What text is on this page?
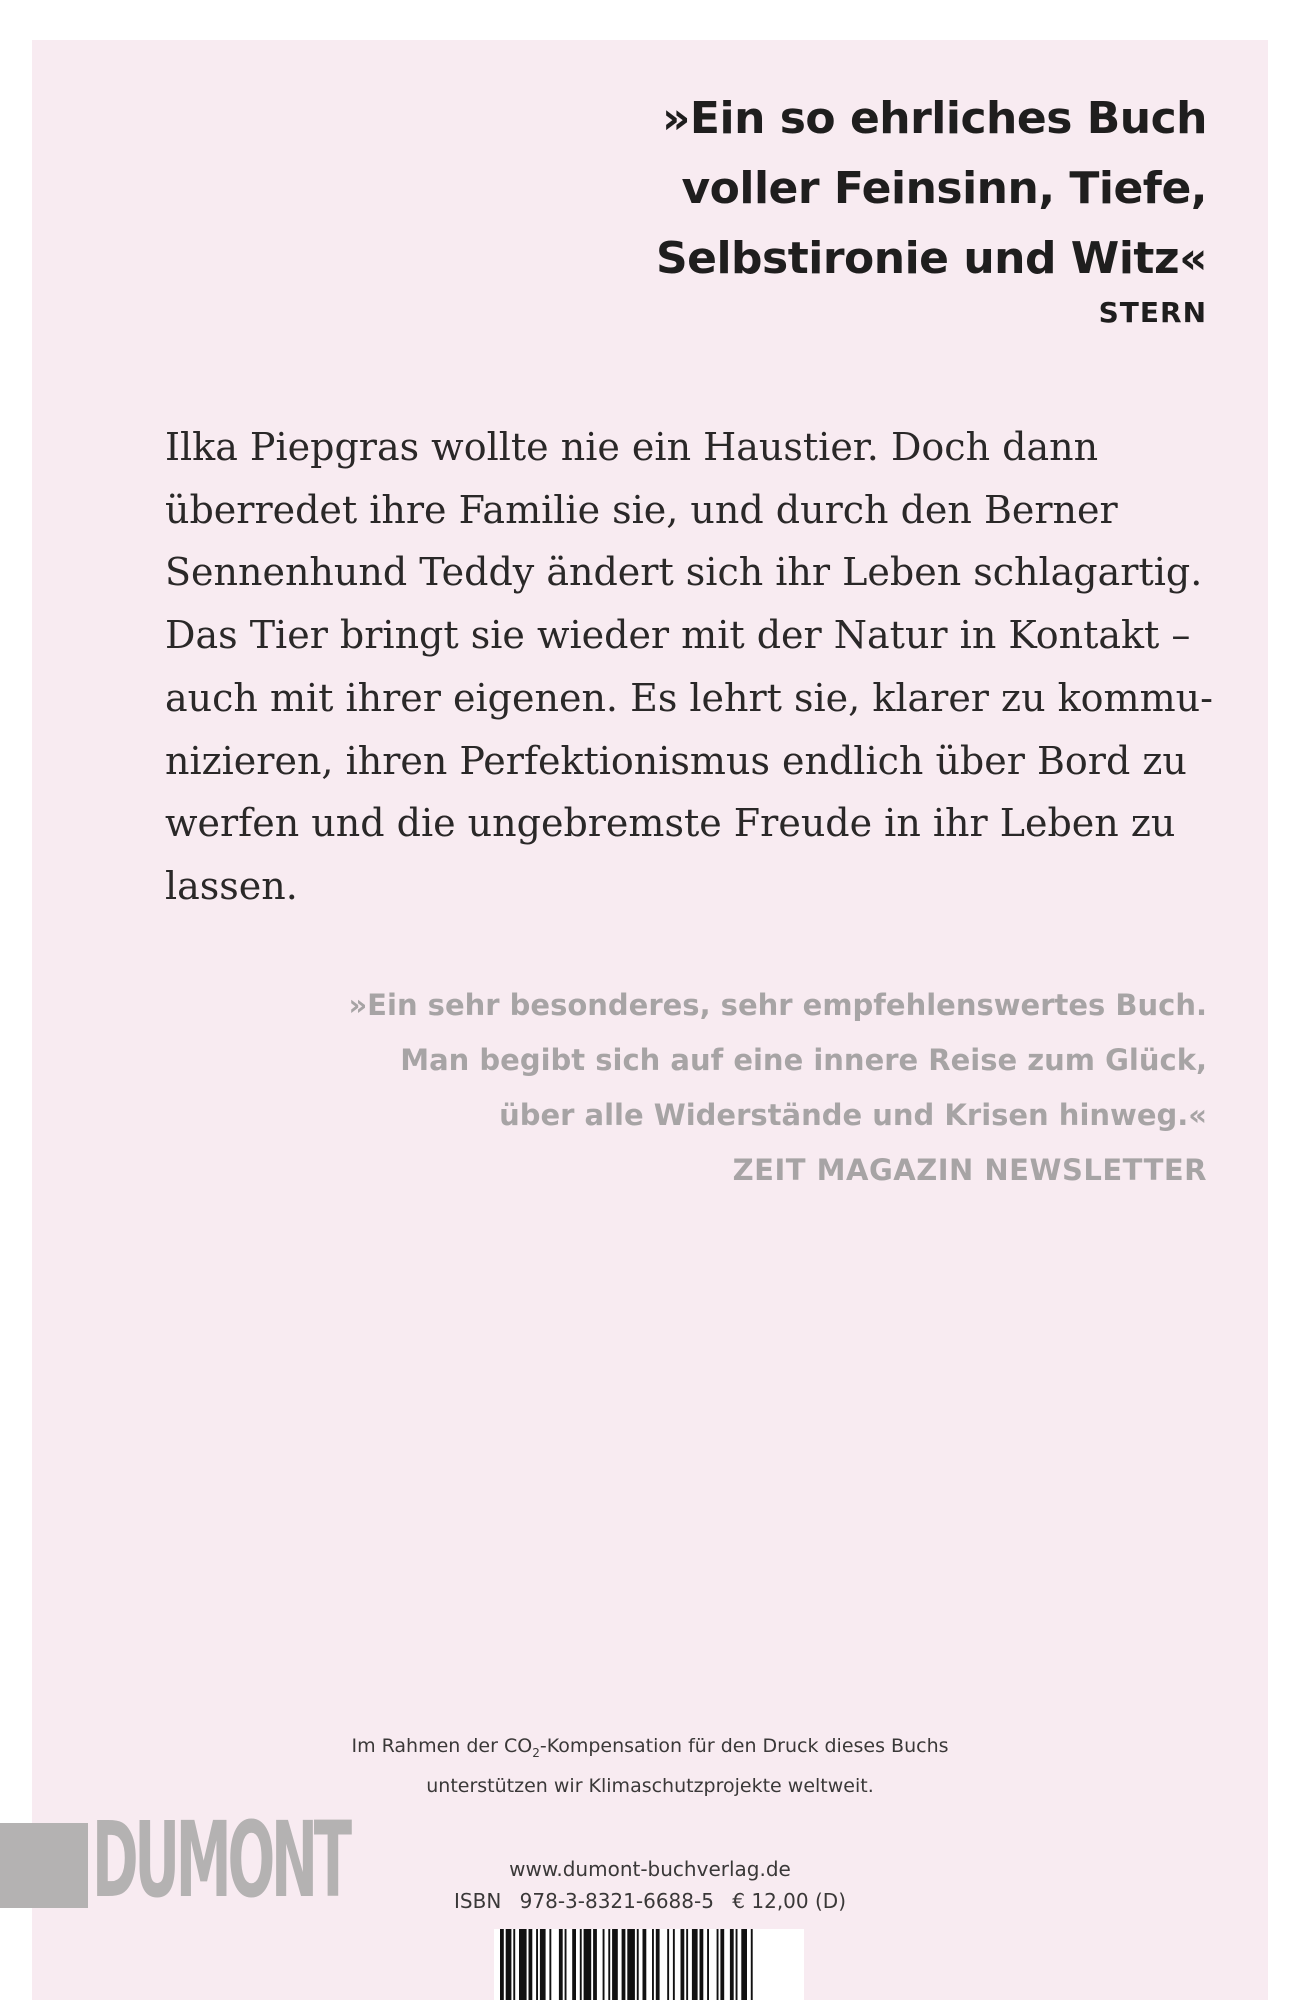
»Ein so ehrliches Buch
voller Feinsinn, Tiefe,
Selbstironie und Witz«
STERN
Ilka Piepgras wollte nie ein Haustier. Doch dann
überredet ihre Familie sie, und durch den Berner
Sennenhund Teddy ändert sich ihr Leben schlagartig.
Das Tier bringt sie wieder mit der Natur in Kontakt –
auch mit ihrer eigenen. Es lehrt sie, klarer zu kommu-
nizieren, ihren Perfektionismus endlich über Bord zu
werfen und die ungebremste Freude in ihr Leben zu
lassen.
»Ein sehr besonderes, sehr empfehlenswertes Buch.
Man begibt sich auf eine innere Reise zum Glück,
über alle Widerstände und Krisen hinweg.«
ZEIT MAGAZIN NEWSLETTER
Im Rahmen der $CO_2$-Kompensation für den Druck dieses Buchs
unterstützen wir Klimaschutzprojekte weltweit.
DUMONT	www.dumont-buchverlag.de
ISBN 978-3-8321-6688-5 € 12,00 (D)
